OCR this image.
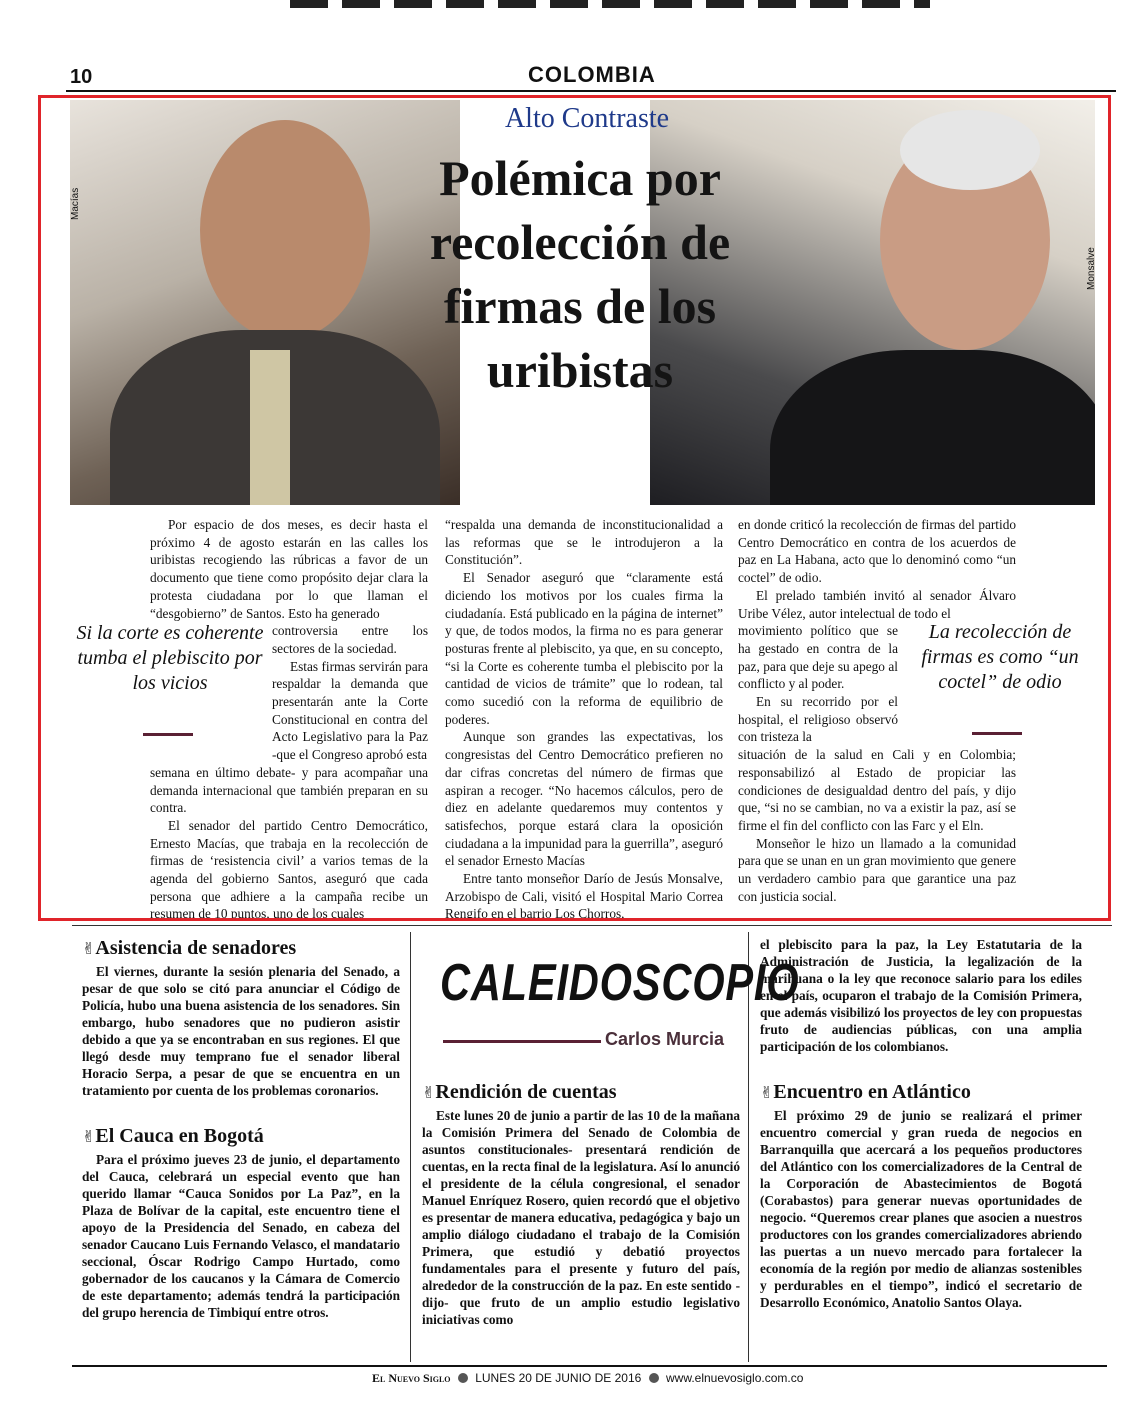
10	COLOMBIA
Macías
Monsalve
Alto Contraste
Polémica por recolección de firmas de los uribistas

Por espacio de dos meses, es decir hasta el próximo 4 de agosto estarán en las calles los uribistas recogiendo las rúbricas a favor de un documento que tiene como propósito dejar clara la protesta ciudadana por lo que llaman el “desgobierno” de Santos. Esto ha generado

controversia entre los sectores de la sociedad.

Estas firmas servirán para respaldar la demanda que presentarán ante la Corte Constitucional en contra del Acto Legislativo para la Paz -que el Congreso aprobó esta

semana en último debate- y para acompañar una demanda internacional que también preparan en su contra.

El senador del partido Centro Democrático, Ernesto Macías, que trabaja en la recolección de firmas de ‘resistencia civil’ a varios temas de la agenda del gobierno Santos, aseguró que cada persona que adhiere a la campaña recibe un resumen de 10 puntos, uno de los cuales

Si la corte es coherente tumba el plebiscito por los vicios

“respalda una demanda de inconstitucionalidad a las reformas que se le introdujeron a la Constitución”.

El Senador aseguró que “claramente está diciendo los motivos por los cuales firma la ciudadanía. Está publicado en la página de internet” y que, de todos modos, la firma no es para generar posturas frente al plebiscito, ya que, en su concepto, “si la Corte es coherente tumba el plebiscito por la cantidad de vicios de trámite” que lo rodean, tal como sucedió con la reforma de equilibrio de poderes.

Aunque son grandes las expectativas, los congresistas del Centro Democrático prefieren no dar cifras concretas del número de firmas que aspiran a recoger. “No hacemos cálculos, pero de diez en adelante quedaremos muy contentos y satisfechos, porque estará clara la oposición ciudadana a la impunidad para la guerrilla”, aseguró el senador Ernesto Macías

Entre tanto monseñor Darío de Jesús Monsalve, Arzobispo de Cali, visitó el Hospital Mario Correa Rengifo en el barrio Los Chorros,

en donde criticó la recolección de firmas del partido Centro Democrático en contra de los acuerdos de paz en La Habana, acto que lo denominó como “un coctel” de odio.

El prelado también invitó al senador Álvaro Uribe Vélez, autor intelectual de todo el

movimiento político que se ha gestado en contra de la paz, para que deje su apego al conflicto y al poder.

En su recorrido por el hospital, el religioso observó con tristeza la

situación de la salud en Cali y en Colombia; responsabilizó al Estado de propiciar las condiciones de desigualdad dentro del país, y dijo que, “si no se cambian, no va a existir la paz, así se firme el fin del conflicto con las Farc y el Eln.

Monseñor le hizo un llamado a la comunidad para que se unan en un gran movimiento que genere un verdadero cambio para que garantice una paz con justicia social.

La recolección de firmas es como “un coctel” de odio

✌Asistencia de senadores

El viernes, durante la sesión plenaria del Senado, a pesar de que solo se citó para anunciar el Código de Policía, hubo una buena asistencia de los senadores. Sin embargo, hubo senadores que no pudieron asistir debido a que ya se encontraban en sus regiones. El que llegó desde muy temprano fue el senador liberal Horacio Serpa, a pesar de que se encuentra en un tratamiento por cuenta de los problemas coronarios.

✌El Cauca en Bogotá

Para el próximo jueves 23 de junio, el departamento del Cauca, celebrará un especial evento que han querido llamar “Cauca Sonidos por La Paz”, en la Plaza de Bolívar de la capital, este encuentro tiene el apoyo de la Presidencia del Senado, en cabeza del senador Caucano Luis Fernando Velasco, el mandatario seccional, Óscar Rodrigo Campo Hurtado, como gobernador de los caucanos y la Cámara de Comercio de este departamento; además tendrá la participación del grupo herencia de Timbiquí entre otros.

CALEIDOSCOPIO
Carlos Murcia

✌Rendición de cuentas

Este lunes 20 de junio a partir de las 10 de la mañana la Comisión Primera del Senado de Colombia de asuntos constitucionales- presentará rendición de cuentas, en la recta final de la legislatura. Así lo anunció el presidente de la célula congresional, el senador Manuel Enríquez Rosero, quien recordó que el objetivo es presentar de manera educativa, pedagógica y bajo un amplio diálogo ciudadano el trabajo de la Comisión Primera, que estudió y debatió proyectos fundamentales para el presente y futuro del país, alrededor de la construcción de la paz. En este sentido -dijo- que fruto de un amplio estudio legislativo iniciativas como

el plebiscito para la paz, la Ley Estatutaria de la Administración de Justicia, la legalización de la marihuana o la ley que reconoce salario para los ediles en el país, ocuparon el trabajo de la Comisión Primera, que además visibilizó los proyectos de ley con propuestas fruto de audiencias públicas, con una amplia participación de los colombianos.

✌Encuentro en Atlántico

El próximo 29 de junio se realizará el primer encuentro comercial y gran rueda de negocios en Barranquilla que acercará a los pequeños productores del Atlántico con los comercializadores de la Central de la Corporación de Abastecimientos de Bogotá (Corabastos) para generar nuevas oportunidades de negocio. “Queremos crear planes que asocien a nuestros productores con los grandes comercializadores abriendo las puertas a un nuevo mercado para fortalecer la economía de la región por medio de alianzas sostenibles y perdurables en el tiempo”, indicó el secretario de Desarrollo Económico, Anatolio Santos Olaya.

El Nuevo Siglo LUNES 20 DE JUNIO DE 2016 www.elnuevosiglo.com.co
